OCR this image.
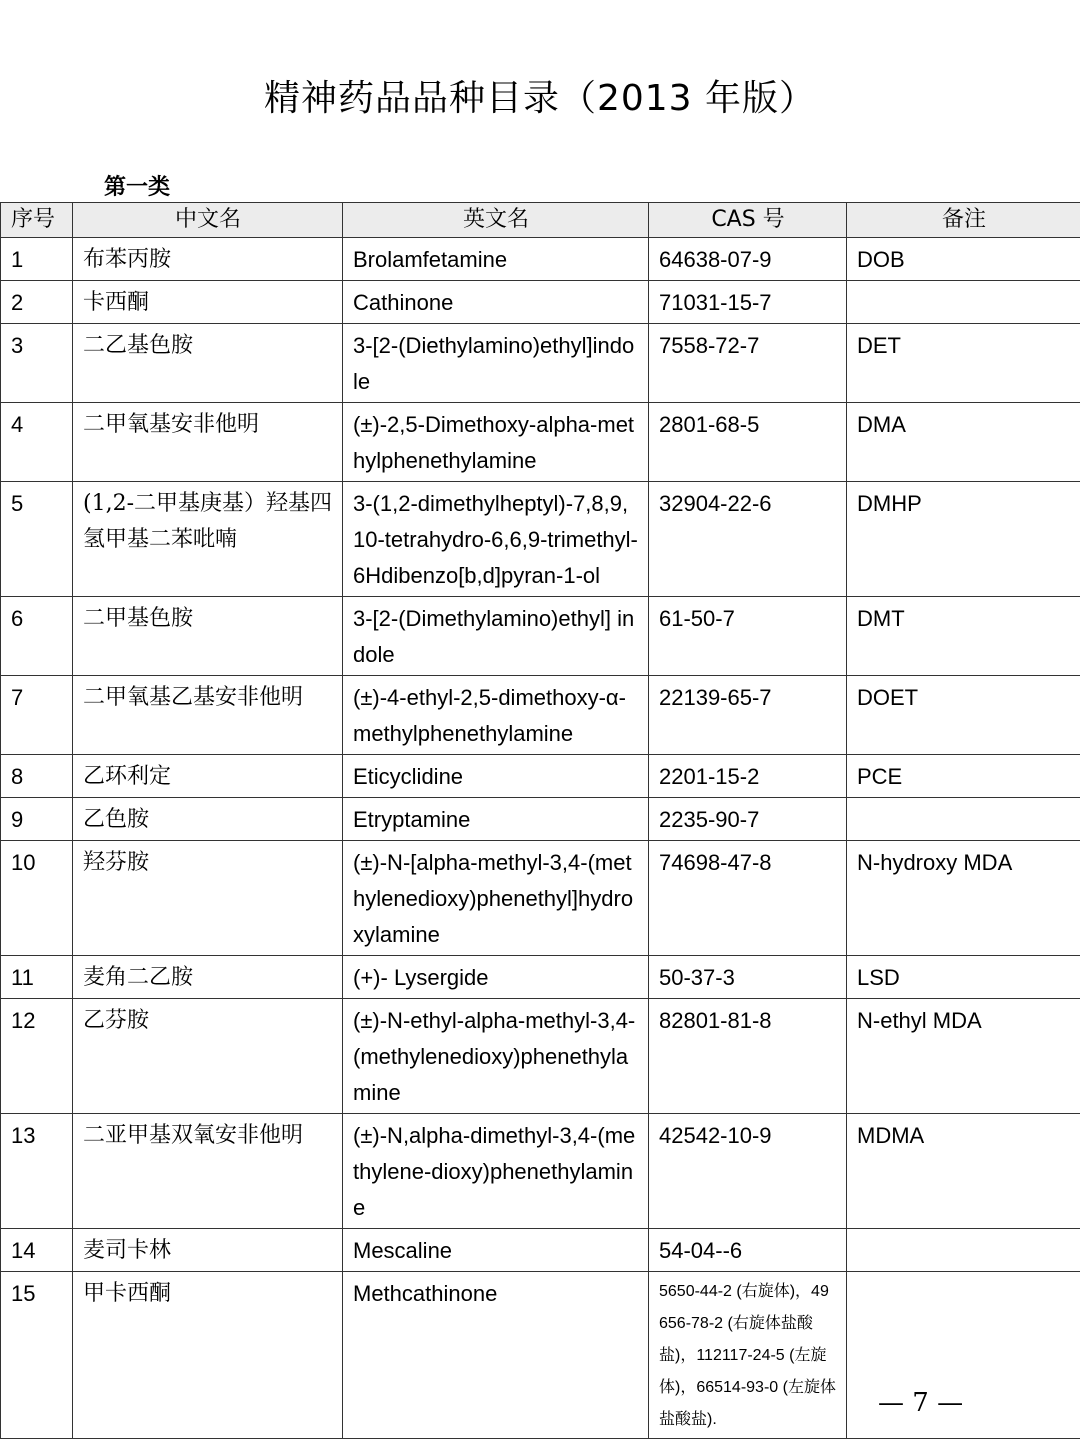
精神药品品种目录（2013 年版）
第一类
序号	中文名	英文名	CAS 号	备注
1	布苯丙胺	Brolamfetamine	64638-07-9	DOB
2	卡西酮	Cathinone	71031-15-7	
3	二乙基色胺	3-[2-(Diethylamino)ethyl]indole	7558-72-7	DET
4	二甲氧基安非他明	(±)-2,5-Dimethoxy-alpha-methylphenethylamine	2801-68-5	DMA
5	(1,2-二甲基庚基）羟基四氢甲基二苯吡喃	3-(1,2-dimethylheptyl)-7,8,9,10-tetrahydro-6,6,9-trimethyl-6Hdibenzo[b,d]pyran-1-ol	32904-22-6	DMHP
6	二甲基色胺	3-[2-(Dimethylamino)ethyl] indole	61-50-7	DMT
7	二甲氧基乙基安非他明	(±)-4-ethyl-2,5-dimethoxy-α-methylphenethylamine	22139-65-7	DOET
8	乙环利定	Eticyclidine	2201-15-2	PCE
9	乙色胺	Etryptamine	2235-90-7	
10	羟芬胺	(±)-N-[alpha-methyl-3,4-(methylenedioxy)phenethyl]hydroxylamine	74698-47-8	N-hydroxy MDA
11	麦角二乙胺	(+)- Lysergide	50-37-3	LSD
12	乙芬胺	(±)-N-ethyl-alpha-methyl-3,4-(methylenedioxy)phenethylamine	82801-81-8	N-ethyl MDA
13	二亚甲基双氧安非他明	(±)-N,alpha-dimethyl-3,4-(methylene-dioxy)phenethylamine	42542-10-9	MDMA
14	麦司卡林	Mescaline	54-04--6	
15	甲卡西酮	Methcathinone	5650-44-2 (右旋体)，49656-78-2 (右旋体盐酸盐)，112117-24-5 (左旋体)，66514-93-0 (左旋体盐酸盐).	
— 7 —
